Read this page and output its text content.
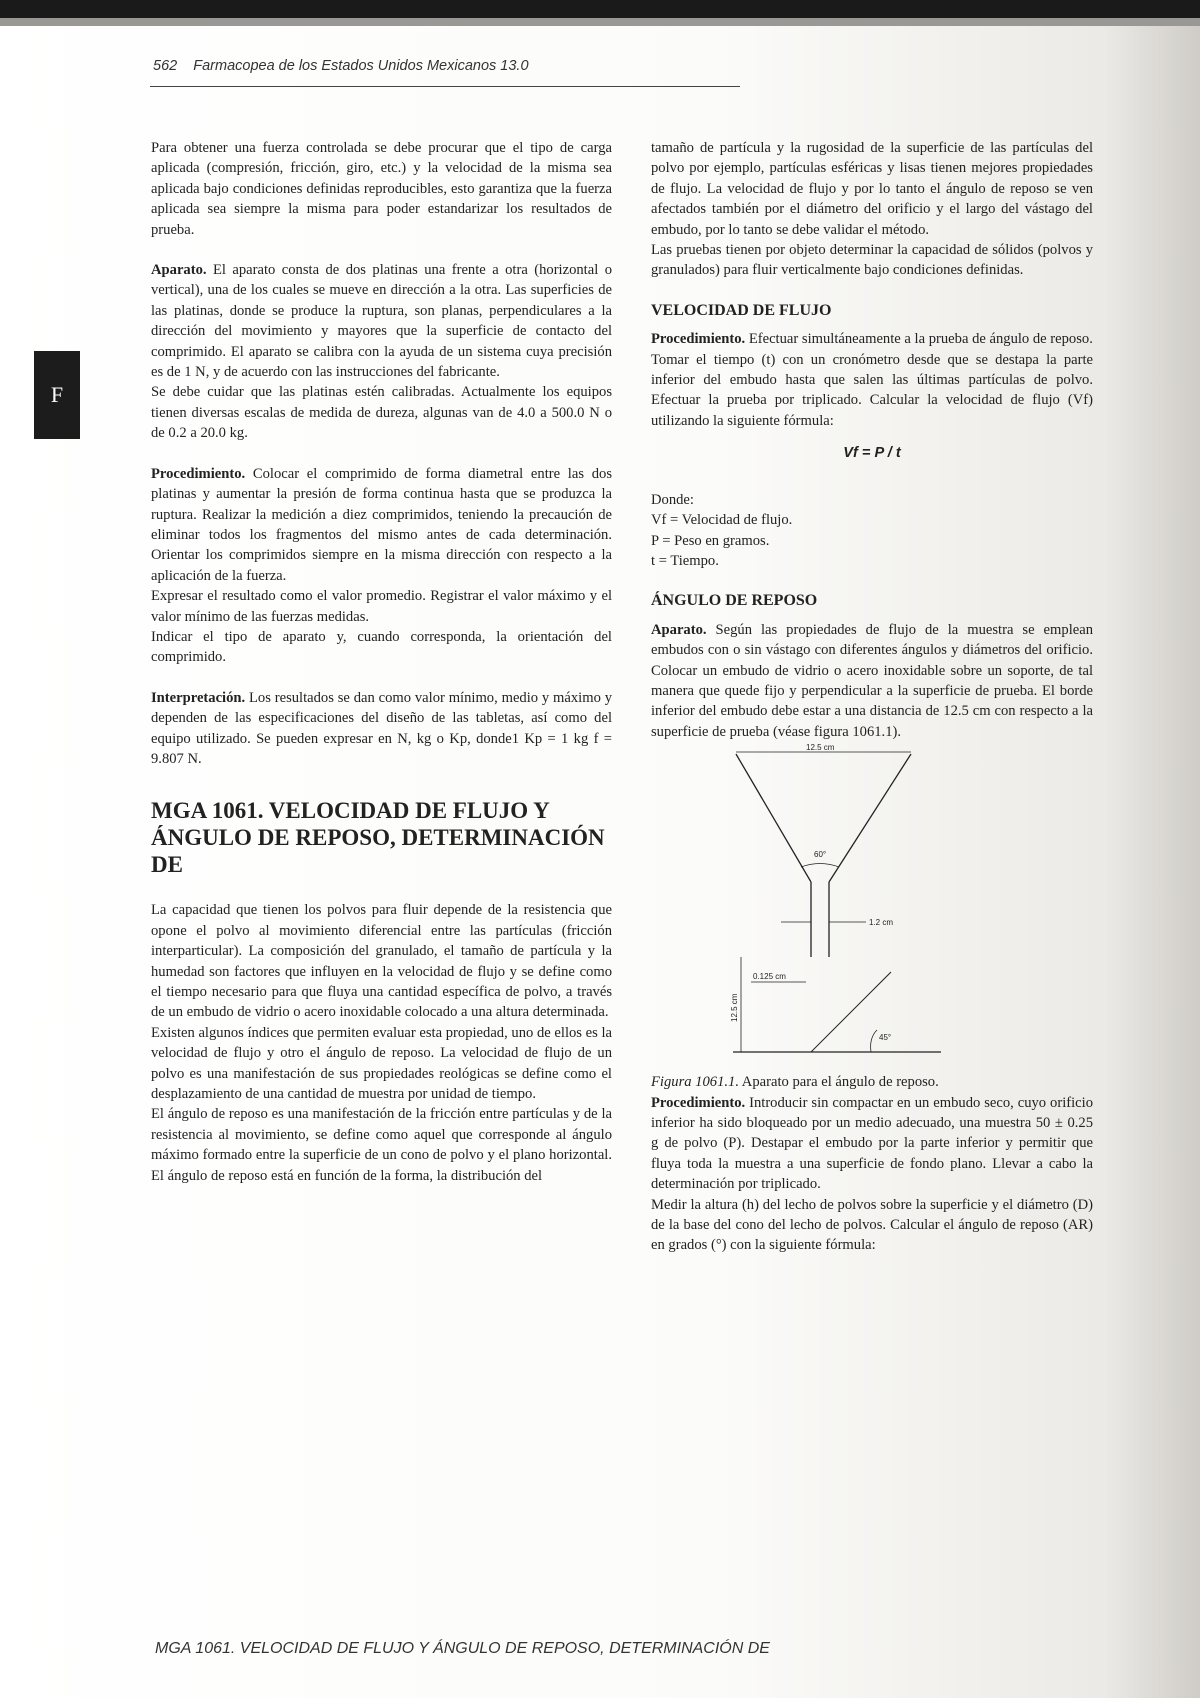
562 Farmacopea de los Estados Unidos Mexicanos 13.0
F

Para obtener una fuerza controlada se debe procurar que el tipo de carga aplicada (compresión, fricción, giro, etc.) y la velocidad de la misma sea aplicada bajo condiciones definidas reproducibles, esto garantiza que la fuerza aplicada sea siempre la misma para poder estandarizar los resultados de prueba.

Aparato. El aparato consta de dos platinas una frente a otra (horizontal o vertical), una de los cuales se mueve en dirección a la otra. Las superficies de las platinas, donde se produce la ruptura, son planas, perpendiculares a la dirección del movimiento y mayores que la superficie de contacto del comprimido. El aparato se calibra con la ayuda de un sistema cuya precisión es de 1 N, y de acuerdo con las instrucciones del fabricante.

Se debe cuidar que las platinas estén calibradas. Actualmente los equipos tienen diversas escalas de medida de dureza, algunas van de 4.0 a 500.0 N o de 0.2 a 20.0 kg.

Procedimiento. Colocar el comprimido de forma diametral entre las dos platinas y aumentar la presión de forma continua hasta que se produzca la ruptura. Realizar la medición a diez comprimidos, teniendo la precaución de eliminar todos los fragmentos del mismo antes de cada determinación. Orientar los comprimidos siempre en la misma dirección con respecto a la aplicación de la fuerza.

Expresar el resultado como el valor promedio. Registrar el valor máximo y el valor mínimo de las fuerzas medidas.

Indicar el tipo de aparato y, cuando corresponda, la orientación del comprimido.

Interpretación. Los resultados se dan como valor mínimo, medio y máximo y dependen de las especificaciones del diseño de las tabletas, así como del equipo utilizado. Se pueden expresar en N, kg o Kp, donde1 Kp = 1 kg f = 9.807 N.

MGA 1061. VELOCIDAD DE FLUJO Y ÁNGULO DE REPOSO, DETERMINACIÓN DE

La capacidad que tienen los polvos para fluir depende de la resistencia que opone el polvo al movimiento diferencial entre las partículas (fricción interparticular). La composición del granulado, el tamaño de partícula y la humedad son factores que influyen en la velocidad de flujo y se define como el tiempo necesario para que fluya una cantidad específica de polvo, a través de un embudo de vidrio o acero inoxidable colocado a una altura determinada.

Existen algunos índices que permiten evaluar esta propiedad, uno de ellos es la velocidad de flujo y otro el ángulo de reposo. La velocidad de flujo de un polvo es una manifestación de sus propiedades reológicas se define como el desplazamiento de una cantidad de muestra por unidad de tiempo.

El ángulo de reposo es una manifestación de la fricción entre partículas y de la resistencia al movimiento, se define como aquel que corresponde al ángulo máximo formado entre la superficie de un cono de polvo y el plano horizontal. El ángulo de reposo está en función de la forma, la distribución del

tamaño de partícula y la rugosidad de la superficie de las partículas del polvo por ejemplo, partículas esféricas y lisas tienen mejores propiedades de flujo. La velocidad de flujo y por lo tanto el ángulo de reposo se ven afectados también por el diámetro del orificio y el largo del vástago del embudo, por lo tanto se debe validar el método.

Las pruebas tienen por objeto determinar la capacidad de sólidos (polvos y granulados) para fluir verticalmente bajo condiciones definidas.

VELOCIDAD DE FLUJO

Procedimiento. Efectuar simultáneamente a la prueba de ángulo de reposo.

Tomar el tiempo (t) con un cronómetro desde que se destapa la parte inferior del embudo hasta que salen las últimas partículas de polvo. Efectuar la prueba por triplicado. Calcular la velocidad de flujo (Vf) utilizando la siguiente fórmula:

Vf = P / t

Donde:

Vf = Velocidad de flujo.

P = Peso en gramos.

t = Tiempo.

ÁNGULO DE REPOSO

Aparato. Según las propiedades de flujo de la muestra se emplean embudos con o sin vástago con diferentes ángulos y diámetros del orificio. Colocar un embudo de vidrio o acero inoxidable sobre un soporte, de tal manera que quede fijo y perpendicular a la superficie de prueba. El borde inferior del embudo debe estar a una distancia de 12.5 cm con respecto a la superficie de prueba (véase figura 1061.1).

12.5 cm
60°
1.2 cm
12.5 cm
0.125 cm
45°

Figura 1061.1. Aparato para el ángulo de reposo.

Procedimiento. Introducir sin compactar en un embudo seco, cuyo orificio inferior ha sido bloqueado por un medio adecuado, una muestra 50 ± 0.25 g de polvo (P). Destapar el embudo por la parte inferior y permitir que fluya toda la muestra a una superficie de fondo plano. Llevar a cabo la determinación por triplicado.

Medir la altura (h) del lecho de polvos sobre la superficie y el diámetro (D) de la base del cono del lecho de polvos. Calcular el ángulo de reposo (AR) en grados (°) con la siguiente fórmula:

MGA 1061. VELOCIDAD DE FLUJO Y ÁNGULO DE REPOSO, DETERMINACIÓN DE
